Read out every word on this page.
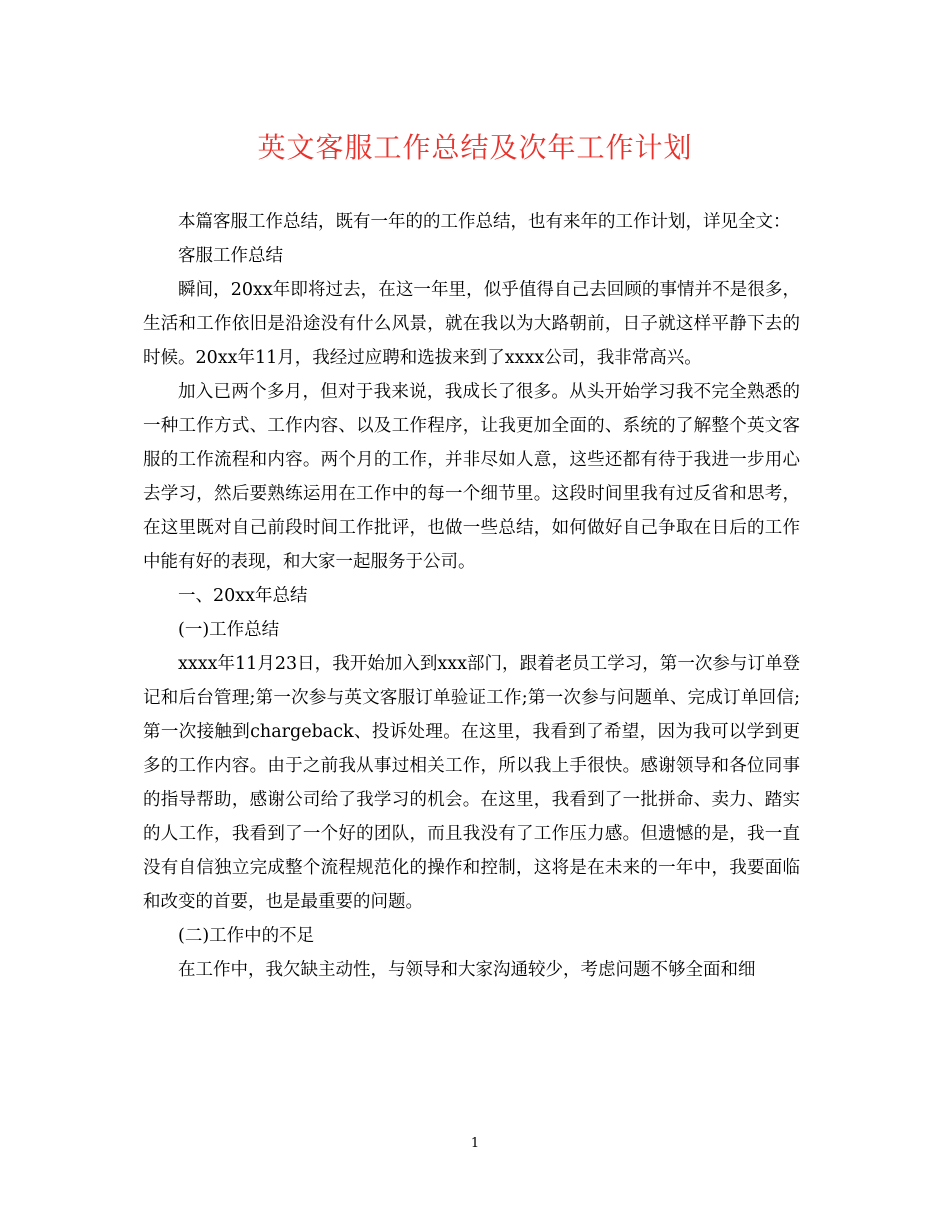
英文客服工作总结及次年工作计划

本篇客服工作总结，既有一年的的工作总结，也有来年的工作计划，详见全文：

客服工作总结

瞬间，20xx年即将过去，在这一年里，似乎值得自己去回顾的事情并不是很多，生活和工作依旧是沿途没有什么风景，就在我以为大路朝前，日子就这样平静下去的时候。20xx年11月，我经过应聘和选拔来到了xxxx公司，我非常高兴。

加入已两个多月，但对于我来说，我成长了很多。从头开始学习我不完全熟悉的一种工作方式、工作内容、以及工作程序，让我更加全面的、系统的了解整个英文客服的工作流程和内容。两个月的工作，并非尽如人意，这些还都有待于我进一步用心去学习，然后要熟练运用在工作中的每一个细节里。这段时间里我有过反省和思考，在这里既对自己前段时间工作批评，也做一些总结，如何做好自己争取在日后的工作中能有好的表现，和大家一起服务于公司。

一、20xx年总结

(一)工作总结

xxxx年11月23日，我开始加入到xxx部门，跟着老员工学习，第一次参与订单登记和后台管理;第一次参与英文客服订单验证工作;第一次参与问题单、完成订单回信;第一次接触到chargeback、投诉处理。在这里，我看到了希望，因为我可以学到更多的工作内容。由于之前我从事过相关工作，所以我上手很快。感谢领导和各位同事的指导帮助，感谢公司给了我学习的机会。在这里，我看到了一批拼命、卖力、踏实的人工作，我看到了一个好的团队，而且我没有了工作压力感。但遗憾的是，我一直没有自信独立完成整个流程规范化的操作和控制，这将是在未来的一年中，我要面临和改变的首要，也是最重要的问题。

(二)工作中的不足

在工作中，我欠缺主动性，与领导和大家沟通较少，考虑问题不够全面和细

1
